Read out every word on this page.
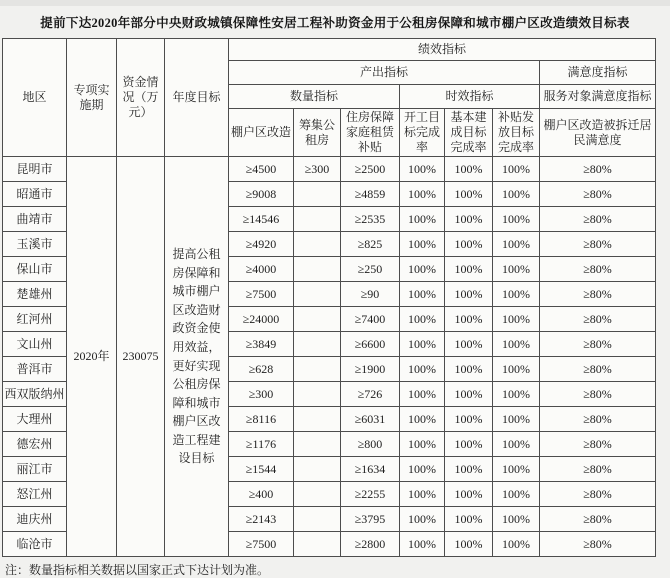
提前下达2020年部分中央财政城镇保障性安居工程补助资金用于公租房保障和城市棚户区改造绩效目标表
地区	专项实施期	资金情况（万元）	年度目标	绩效指标						
				产出指标						满意度指标
				数量指标			时效指标			服务对象满意度指标
				棚户区改造	筹集公租房	住房保障家庭租赁补贴	开工目标完成率	基本建成目标完成率	补贴发放目标完成率	棚户区改造被拆迁居民满意度
昆明市	2020年	230075	提高公租房保障和城市棚户区改造财政资金使用效益，更好实现公租房保障和城市棚户区改造工程建设目标	≥4500	≥300	≥2500	100%	100%	100%	≥80%
昭通市				≥9008		≥4859	100%	100%	100%	≥80%
曲靖市				≥14546		≥2535	100%	100%	100%	≥80%
玉溪市				≥4920		≥825	100%	100%	100%	≥80%
保山市				≥4000		≥250	100%	100%	100%	≥80%
楚雄州				≥7500		≥90	100%	100%	100%	≥80%
红河州				≥24000		≥7400	100%	100%	100%	≥80%
文山州				≥3849		≥6600	100%	100%	100%	≥80%
普洱市				≥628		≥1900	100%	100%	100%	≥80%
西双版纳州				≥300		≥726	100%	100%	100%	≥80%
大理州				≥8116		≥6031	100%	100%	100%	≥80%
德宏州				≥1176		≥800	100%	100%	100%	≥80%
丽江市				≥1544		≥1634	100%	100%	100%	≥80%
怒江州				≥400		≥2255	100%	100%	100%	≥80%
迪庆州				≥2143		≥3795	100%	100%	100%	≥80%
临沧市				≥7500		≥2800	100%	100%	100%	≥80%
注：数量指标相关数据以国家正式下达计划为准。
